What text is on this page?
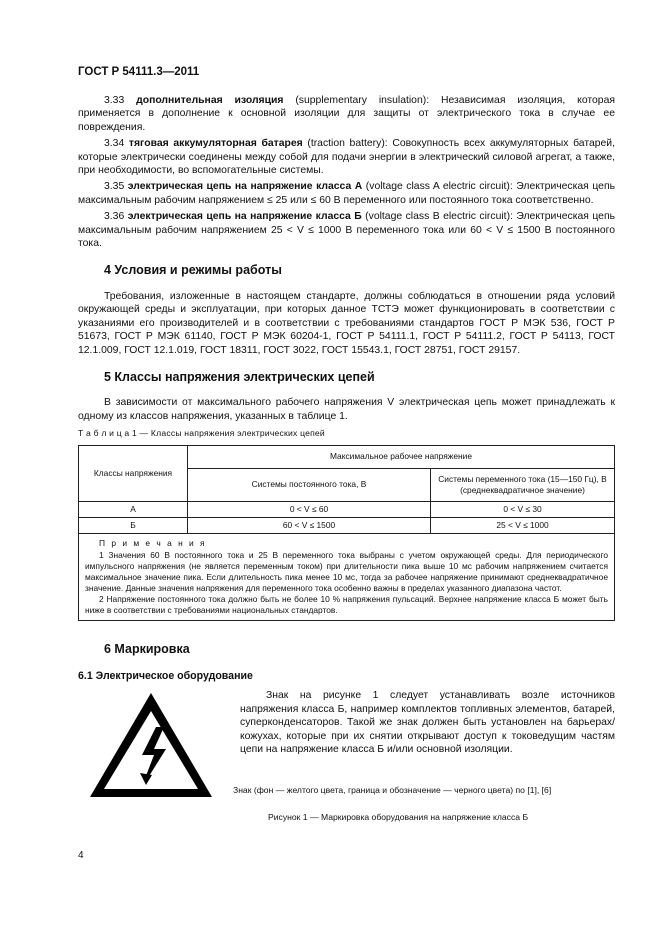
ГОСТ Р 54111.3—2011

3.33 дополнительная изоляция (supplementary insulation): Независимая изоляция, которая применяется в дополнение к основной изоляции для защиты от электрического тока в случае ее повреждения.

3.34 тяговая аккумуляторная батарея (traction battery): Совокупность всех аккумуляторных батарей, которые электрически соединены между собой для подачи энергии в электрический силовой агрегат, а также, при необходимости, во вспомогательные системы.

3.35 электрическая цепь на напряжение класса А (voltage class A electric circuit): Электрическая цепь максимальным рабочим напряжением ≤ 25 или ≤ 60 В переменного или постоянного тока соответственно.

3.36 электрическая цепь на напряжение класса Б (voltage class B electric circuit): Электрическая цепь максимальным рабочим напряжением 25 < V ≤ 1000 В переменного тока или 60 < V ≤ 1500 В постоянного тока.

4 Условия и режимы работы

Требования, изложенные в настоящем стандарте, должны соблюдаться в отношении ряда условий окружающей среды и эксплуатации, при которых данное ТСТЭ может функционировать в соответствии с указаниями его производителей и в соответствии с требованиями стандартов ГОСТ Р МЭК 536, ГОСТ Р 51673, ГОСТ Р МЭК 61140, ГОСТ Р МЭК 60204-1, ГОСТ Р 54111.1, ГОСТ Р 54111.2, ГОСТ Р 54113, ГОСТ 12.1.009, ГОСТ 12.1.019, ГОСТ 18311, ГОСТ 3022, ГОСТ 15543.1, ГОСТ 28751, ГОСТ 29157.

5 Классы напряжения электрических цепей

В зависимости от максимального рабочего напряжения V электрическая цепь может принадлежать к одному из классов напряжения, указанных в таблице 1.

Т а б л и ц а 1 — Классы напряжения электрических цепей
Классы напряжения	Максимальное рабочее напряжение	
	Системы постоянного тока, В	Системы переменного тока (15—150 Гц), В (среднеквадратичное значение)
А	0 < V ≤ 60	0 < V ≤ 30
Б	60 < V ≤ 1500	25 < V ≤ 1000

П р и м е ч а н и я

1 Значения 60 В постоянного тока и 25 В переменного тока выбраны с учетом окружающей среды. Для периодического импульсного напряжения (не является переменным током) при длительности пика выше 10 мс рабочим напряжением считается максимальное значение пика. Если длительность пика менее 10 мс, тогда за рабочее напряжение принимают среднеквадратичное значение. Данные значения напряжения для переменного тока особенно важны в пределах указанного диапазона частот.

2 Напряжение постоянного тока должно быть не более 10 % напряжения пульсаций. Верхнее напряжение класса Б может быть ниже в соответствии с требованиями национальных стандартов.		

6 Маркировка
6.1 Электрическое оборудование
Знак на рисунке 1 следует устанавливать возле источников напряжения класса Б, например комплектов топливных элементов, батарей, суперконденсаторов. Такой же знак должен быть установлен на барьерах/кожухах, которые при их снятии открывают доступ к токоведущим частям цепи на напряжение класса Б и/или основной изоляции.
Знак (фон — желтого цвета, граница и обозначение — черного цвета) по [1], [6]
Рисунок 1 — Маркировка оборудования на напряжение класса Б
4
